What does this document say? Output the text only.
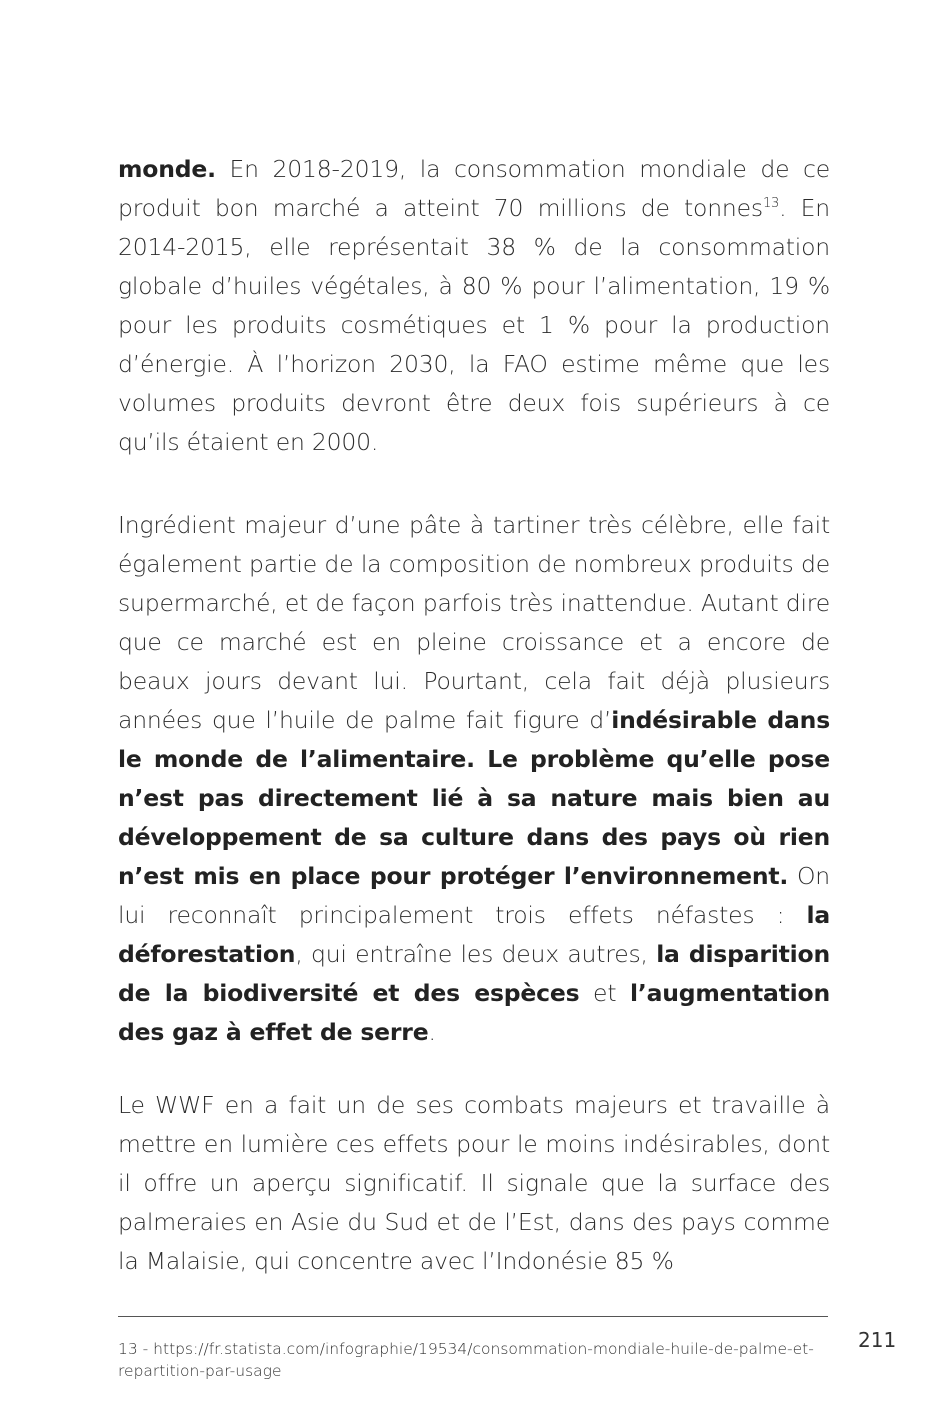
monde. En 2018-2019, la consommation mondiale de ce produit bon marché a atteint 70 millions de tonnes$^{13}$. En 2014-2015, elle représentait 38 % de la consommation globale d’huiles végétales, à 80 % pour l’alimentation, 19 % pour les produits cosmétiques et 1 % pour la production d’énergie. À l’horizon 2030, la FAO estime même que les volumes produits devront être deux fois supérieurs à ce qu’ils étaient en 2000.

Ingrédient majeur d’une pâte à tartiner très célèbre, elle fait également partie de la composition de nombreux produits de supermarché, et de façon parfois très inattendue. Autant dire que ce marché est en pleine croissance et a encore de beaux jours devant lui. Pourtant, cela fait déjà plusieurs années que l’huile de palme fait figure d’indésirable dans le monde de l’alimentaire. Le problème qu’elle pose n’est pas directement lié à sa nature mais bien au développement de sa culture dans des pays où rien n’est mis en place pour protéger l’environnement. On lui reconnaît principalement trois effets néfastes : la déforestation, qui entraîne les deux autres, la disparition de la biodiversité et des espèces et l’augmentation des gaz à effet de serre.

Le WWF en a fait un de ses combats majeurs et travaille à mettre en lumière ces effets pour le moins indésirables, dont il offre un aperçu significatif. Il signale que la surface des palmeraies en Asie du Sud et de l’Est, dans des pays comme la Malaisie, qui concentre avec l’Indonésie 85 %

13 - https://fr.statista.com/infographie/19534/consommation-mondiale-huile-de-palme-et-repartition-par-usage
211
